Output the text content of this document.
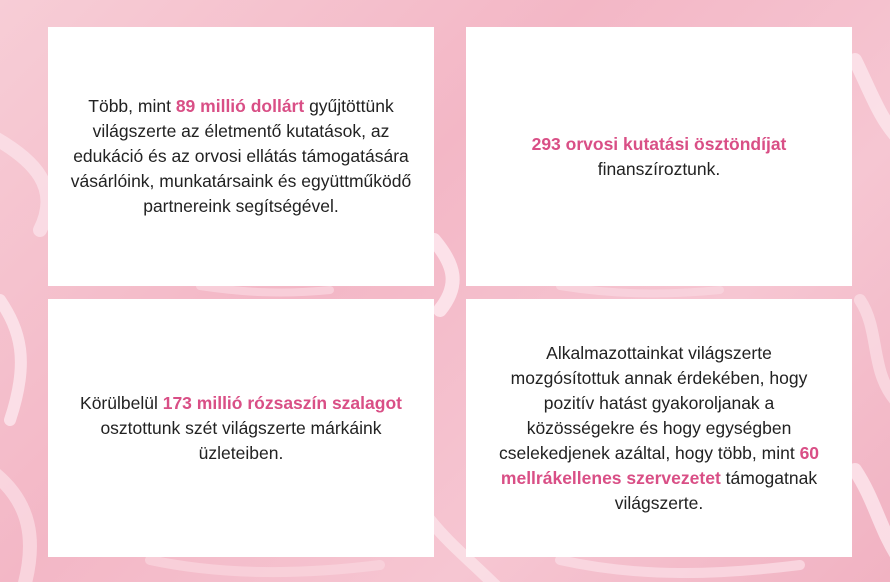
Több, mint 89 millió dollárt gyűjtöttünk világszerte az életmentő kutatások, az edukáció és az orvosi ellátás támogatására vásárlóink, munkatársaink és együttműködő partnereink segítségével.

293 orvosi kutatási ösztöndíjat
finanszíroztunk.

Körülbelül 173 millió rózsaszín szalagot osztottunk szét világszerte márkáink üzleteiben.

Alkalmazottainkat világszerte mozgósítottuk annak érdekében, hogy pozitív hatást gyakoroljanak a közösségekre és hogy egységben cselekedjenek azáltal, hogy több, mint 60 mellrákellenes szervezetet támogatnak világszerte.
